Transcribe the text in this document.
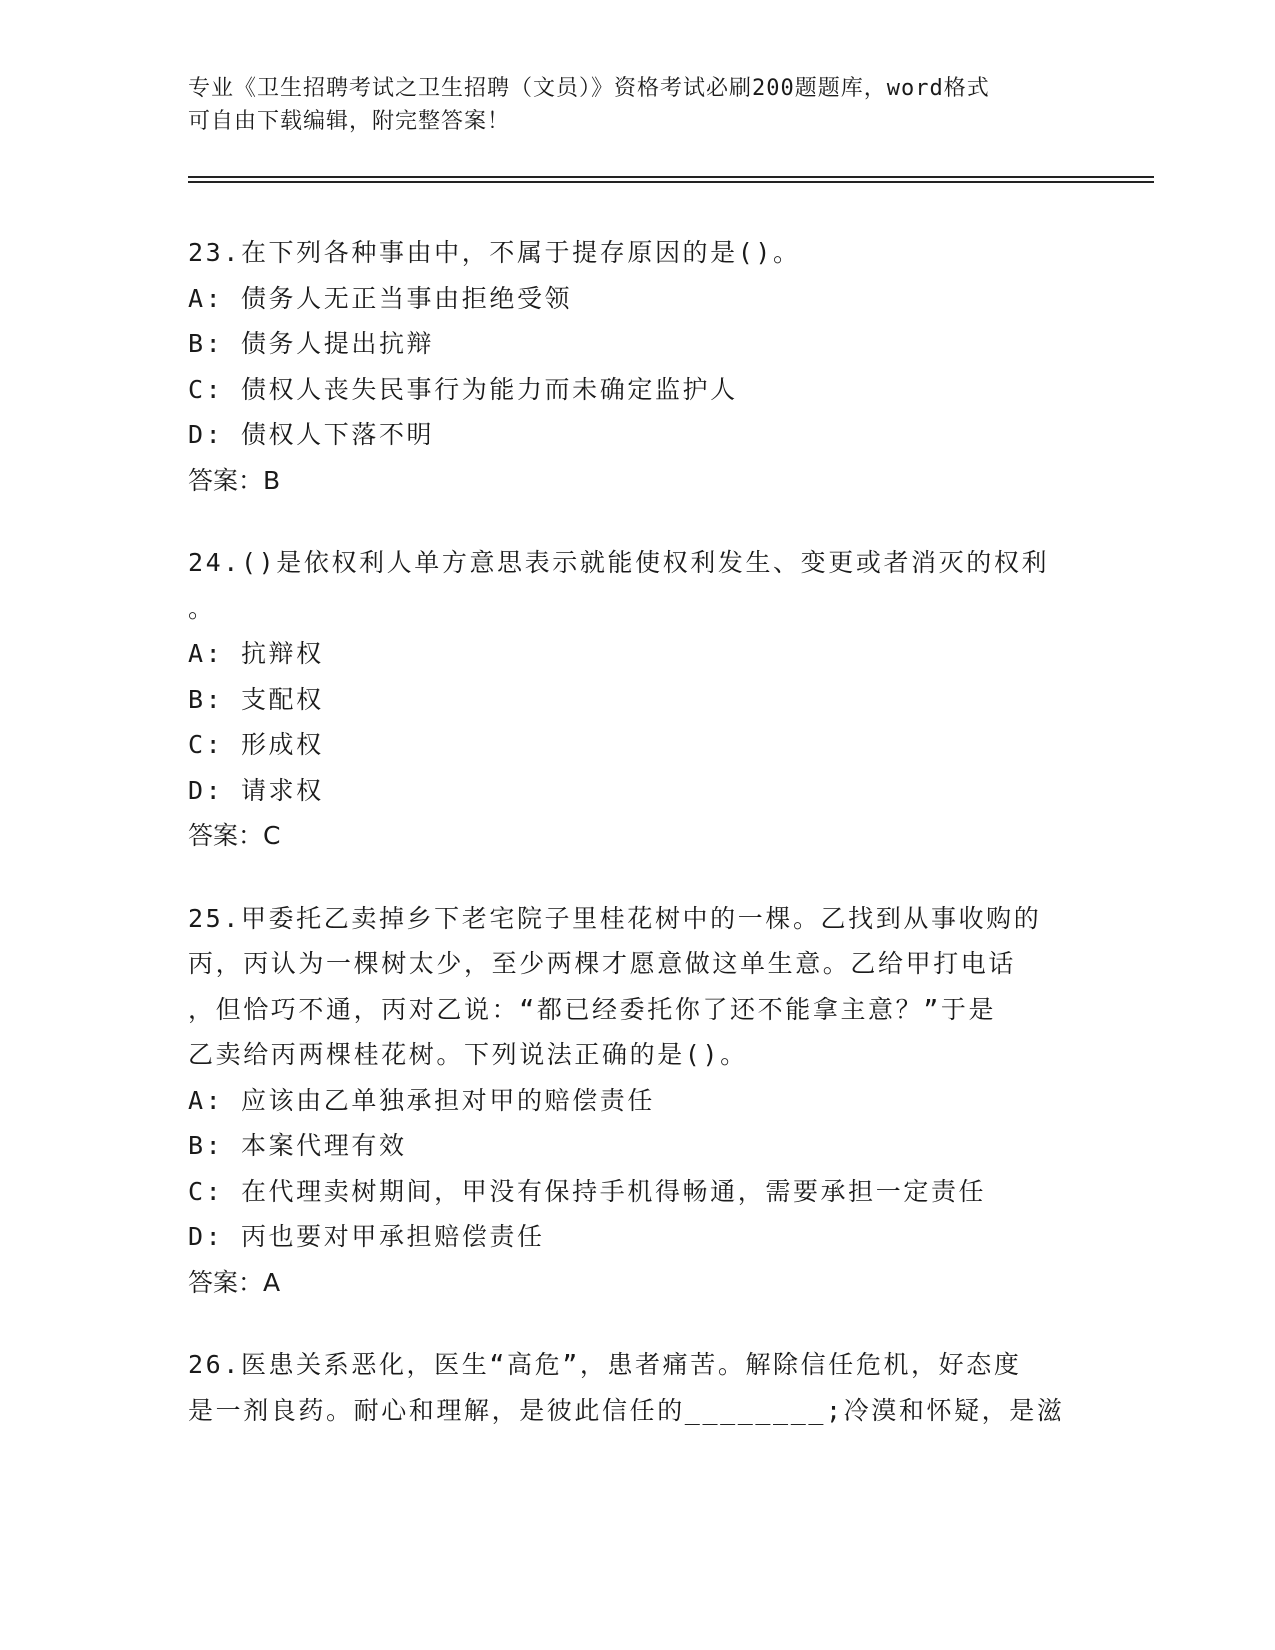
专业《卫生招聘考试之卫生招聘（文员）》资格考试必刷200题题库，word格式
可自由下载编辑，附完整答案！
23.在下列各种事由中，不属于提存原因的是()。
A: 债务人无正当事由拒绝受领
B: 债务人提出抗辩
C: 债权人丧失民事行为能力而未确定监护人
D: 债权人下落不明
答案：B
24.()是依权利人单方意思表示就能使权利发生、变更或者消灭的权利
。
A: 抗辩权
B: 支配权
C: 形成权
D: 请求权
答案：C
25.甲委托乙卖掉乡下老宅院子里桂花树中的一棵。乙找到从事收购的
丙，丙认为一棵树太少，至少两棵才愿意做这单生意。乙给甲打电话
，但恰巧不通，丙对乙说：“都已经委托你了还不能拿主意？”于是
乙卖给丙两棵桂花树。下列说法正确的是()。
A: 应该由乙单独承担对甲的赔偿责任
B: 本案代理有效
C: 在代理卖树期间，甲没有保持手机得畅通，需要承担一定责任
D: 丙也要对甲承担赔偿责任
答案：A
26.医患关系恶化，医生“高危”，患者痛苦。解除信任危机，好态度
是一剂良药。耐心和理解，是彼此信任的________;冷漠和怀疑，是滋
